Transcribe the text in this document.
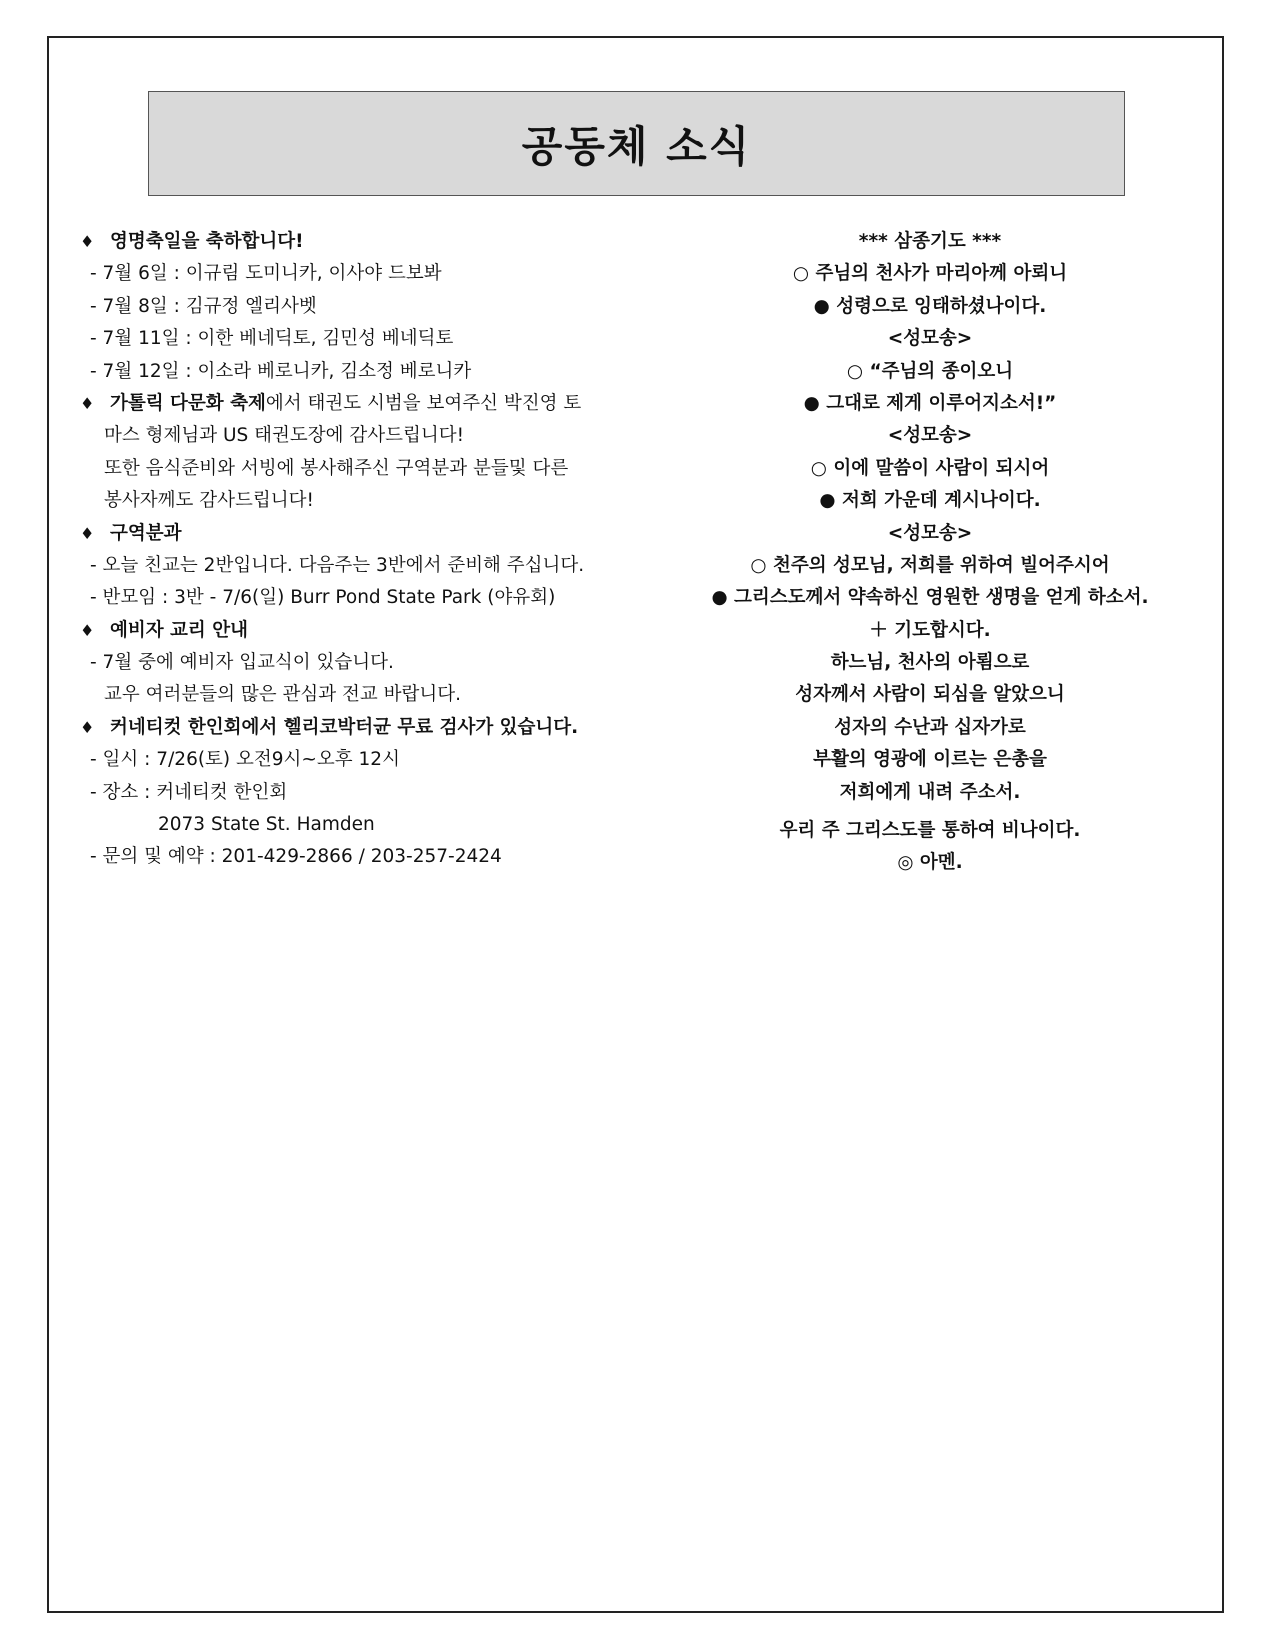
공동체 소식
♦ 영명축일을 축하합니다!
- 7월 6일 : 이규림 도미니카, 이사야 드보봐
- 7월 8일 : 김규정 엘리사벳
- 7월 11일 : 이한 베네딕토, 김민성 베네딕토
- 7월 12일 : 이소라 베로니카, 김소정 베로니카
♦ 가톨릭 다문화 축제에서 태권도 시범을 보여주신 박진영 토
마스 형제님과 US 태권도장에 감사드립니다!
또한 음식준비와 서빙에 봉사해주신 구역분과 분들및 다른
봉사자께도 감사드립니다!
♦ 구역분과
- 오늘 친교는 2반입니다. 다음주는 3반에서 준비해 주십니다.
- 반모임 : 3반 - 7/6(일) Burr Pond State Park (야유회)
♦ 예비자 교리 안내
- 7월 중에 예비자 입교식이 있습니다.
교우 여러분들의 많은 관심과 전교 바랍니다.
♦ 커네티컷 한인회에서 헬리코박터균 무료 검사가 있습니다.
- 일시 : 7/26(토) 오전9시~오후 12시
- 장소 : 커네티컷 한인회
2073 State St. Hamden
- 문의 및 예약 : 201-429-2866 / 203-257-2424
*** 삼종기도 ***
○ 주님의 천사가 마리아께 아뢰니
● 성령으로 잉태하셨나이다.
<성모송>
○ “주님의 종이오니
● 그대로 제게 이루어지소서!”
<성모송>
○ 이에 말씀이 사람이 되시어
● 저희 가운데 계시나이다.
<성모송>
○ 천주의 성모님, 저희를 위하여 빌어주시어
● 그리스도께서 약속하신 영원한 생명을 얻게 하소서.
＋ 기도합시다.
하느님, 천사의 아룀으로
성자께서 사람이 되심을 알았으니
성자의 수난과 십자가로
부활의 영광에 이르는 은총을
저희에게 내려 주소서.
우리 주 그리스도를 통하여 비나이다.
◎ 아멘.
